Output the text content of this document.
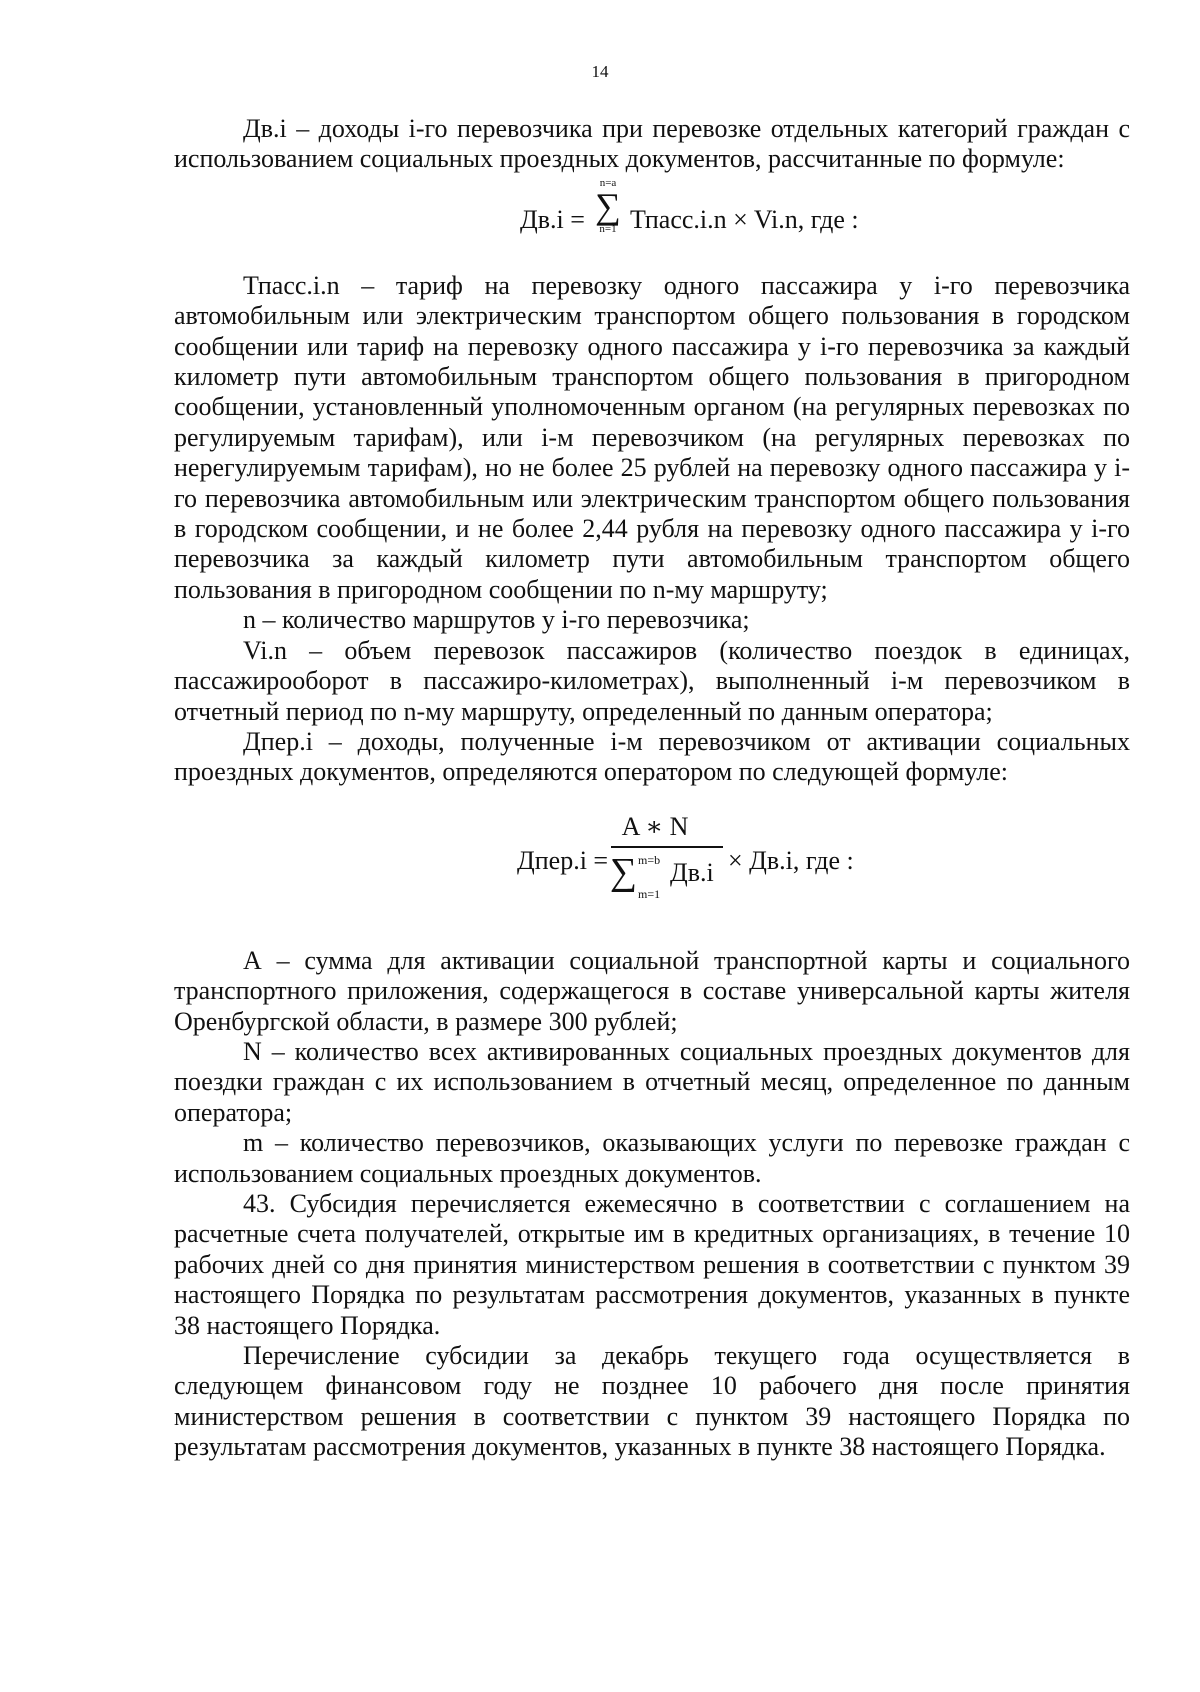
14

Дв.i – доходы i-го перевозчика при перевозке отдельных категорий граждан с использованием социальных проездных документов, рассчитанные по формуле:

Дв.i =
n=a
∑
n=1 Тпасс.i.n × Vi.n, где :

Тпасс.i.n – тариф на перевозку одного пассажира у i-го перевозчика автомобильным или электрическим транспортом общего пользования в городском сообщении или тариф на перевозку одного пассажира у i-го перевозчика за каждый километр пути автомобильным транспортом общего пользования в пригородном сообщении, установленный уполномоченным органом (на регулярных перевозках по регулируемым тарифам), или i-м перевозчиком (на регулярных перевозках по нерегулируемым тарифам), но не более 25 рублей на перевозку одного пассажира у i-го перевозчика автомобильным или электрическим транспортом общего пользования в городском сообщении, и не более 2,44 рубля на перевозку одного пассажира у i-го перевозчика за каждый километр пути автомобильным транспортом общего пользования в пригородном сообщении по n-му маршруту;

n – количество маршрутов у i-го перевозчика;

Vi.n – объем перевозок пассажиров (количество поездок в единицах, пассажирооборот в пассажиро-километрах), выполненный i-м перевозчиком в отчетный период по n-му маршруту, определенный по данным оператора;

Дпер.i – доходы, полученные i-м перевозчиком от активации социальных проездных документов, определяются оператором по следующей формуле:

Дпер.i =
A ∗ N
∑ m=b
m=1
Дв.i × Дв.i, где :

А – сумма для активации социальной транспортной карты и социального транспортного приложения, содержащегося в составе универсальной карты жителя Оренбургской области, в размере 300 рублей;

N – количество всех активированных социальных проездных документов для поездки граждан с их использованием в отчетный месяц, определенное по данным оператора;

m – количество перевозчиков, оказывающих услуги по перевозке граждан с использованием социальных проездных документов.

43. Субсидия перечисляется ежемесячно в соответствии с соглашением на расчетные счета получателей, открытые им в кредитных организациях, в течение 10 рабочих дней со дня принятия министерством решения в соответствии с пунктом 39 настоящего Порядка по результатам рассмотрения документов, указанных в пункте 38 настоящего Порядка.

Перечисление субсидии за декабрь текущего года осуществляется в следующем финансовом году не позднее 10 рабочего дня после принятия министерством решения в соответствии с пунктом 39 настоящего Порядка по результатам рассмотрения документов, указанных в пункте 38 настоящего Порядка.
